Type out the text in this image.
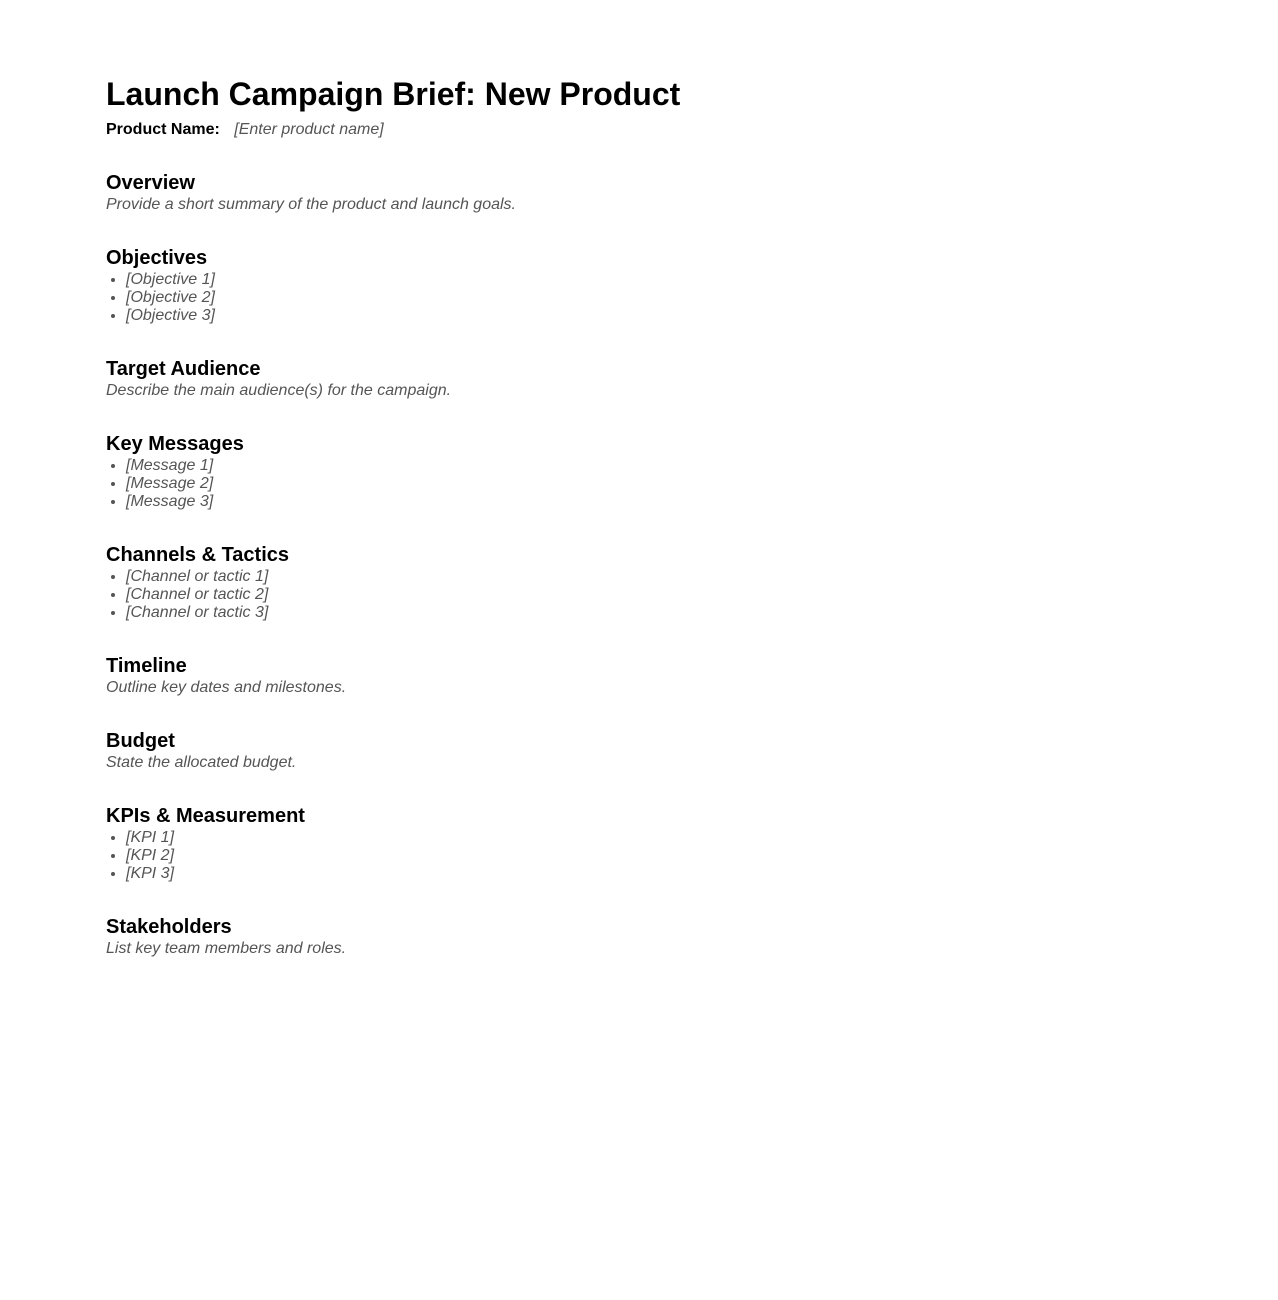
Launch Campaign Brief: New Product
Product Name: [Enter product name]
Overview
Provide a short summary of the product and launch goals.
Objectives
• [Objective 1]
• [Objective 2]
• [Objective 3]
Target Audience
Describe the main audience(s) for the campaign.
Key Messages
• [Message 1]
• [Message 2]
• [Message 3]
Channels & Tactics
• [Channel or tactic 1]
• [Channel or tactic 2]
• [Channel or tactic 3]
Timeline
Outline key dates and milestones.
Budget
State the allocated budget.
KPIs & Measurement
• [KPI 1]
• [KPI 2]
• [KPI 3]
Stakeholders
List key team members and roles.
